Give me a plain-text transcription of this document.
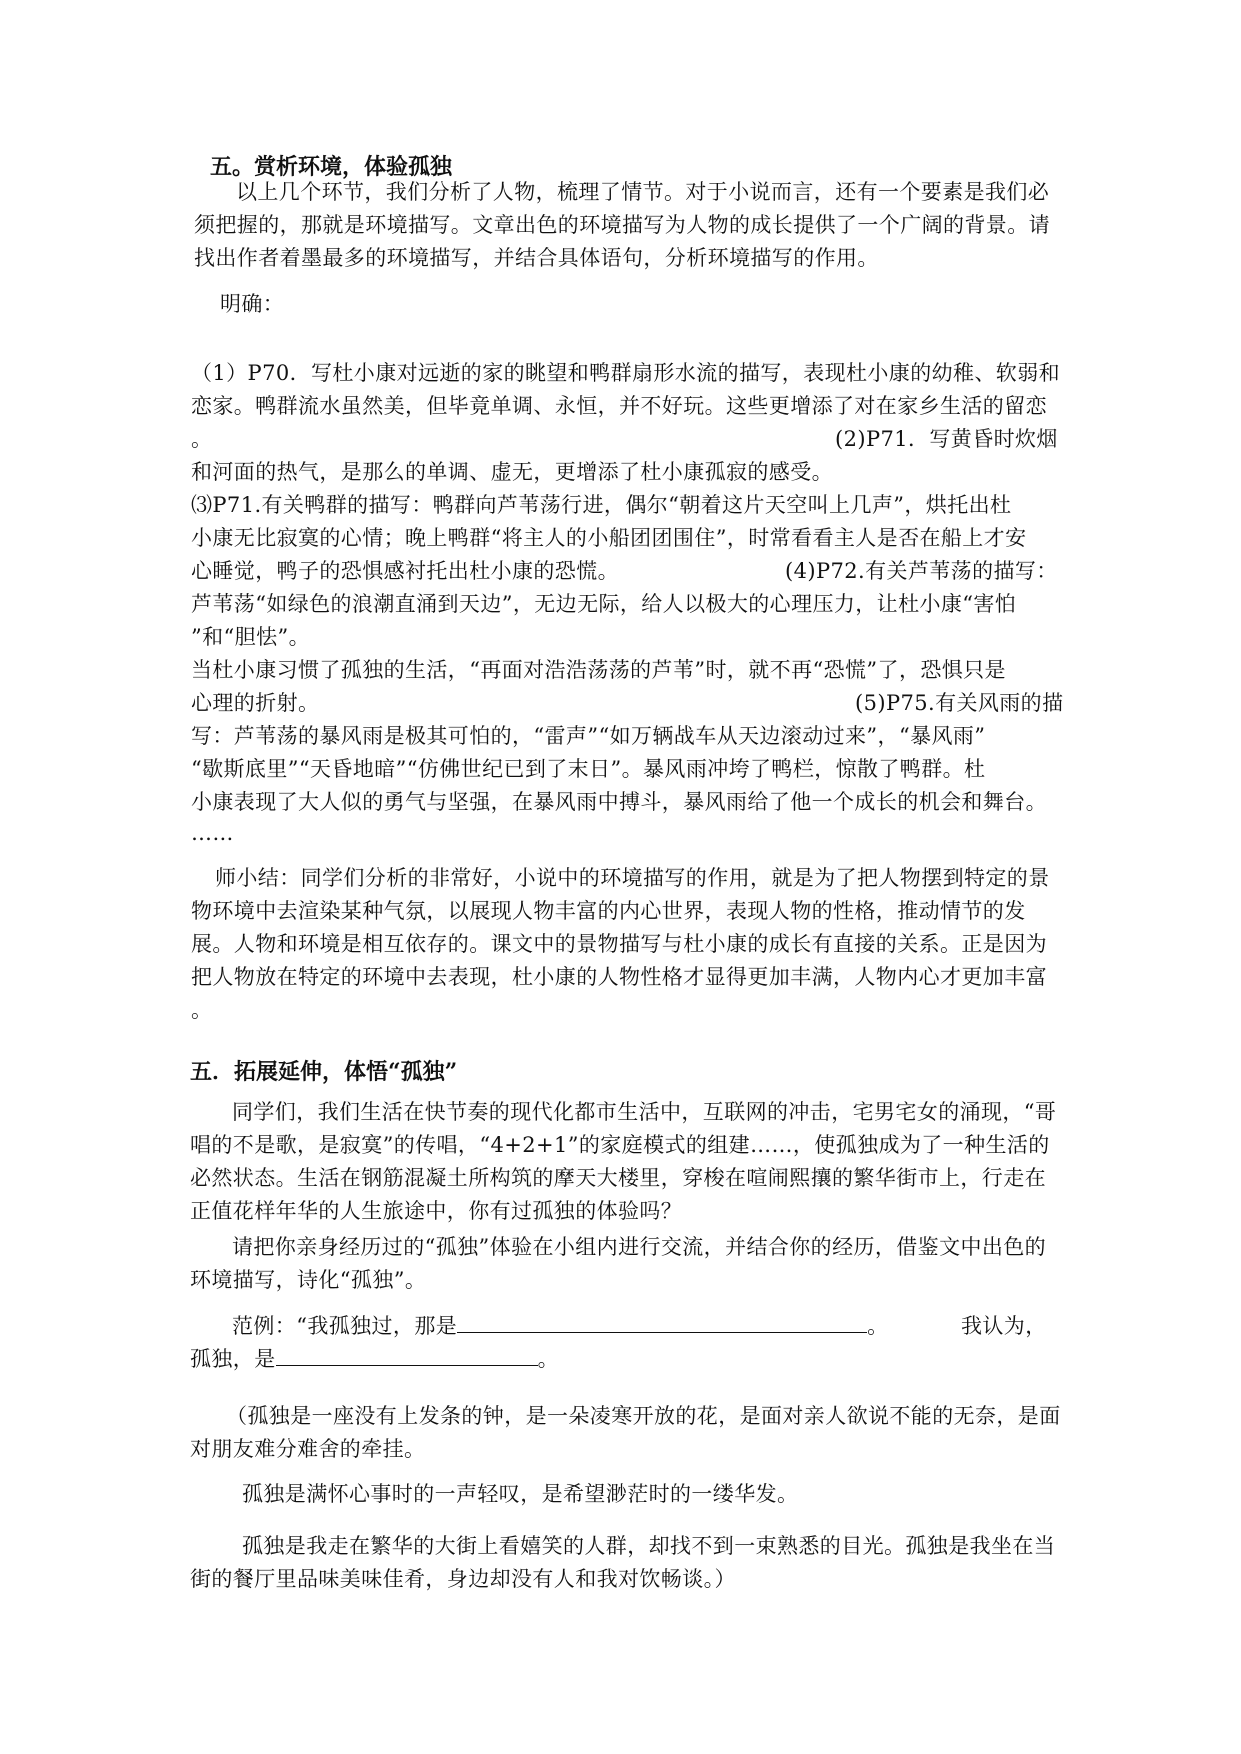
五。赏析环境，体验孤独

以上几个环节，我们分析了人物，梳理了情节。对于小说而言，还有一个要素是我们必须把握的，那就是环境描写。文章出色的环境描写为人物的成长提供了一个广阔的背景。请找出作者着墨最多的环境描写，并结合具体语句，分析环境描写的作用。

明确：
（1）P70．写杜小康对远逝的家的眺望和鸭群扇形水流的描写，表现杜小康的幼稚、软弱和
恋家。鸭群流水虽然美，但毕竟单调、永恒，并不好玩。这些更增添了对在家乡生活的留恋
。	(2)P71．写黄昏时炊烟
和河面的热气，是那么的单调、虚无，更增添了杜小康孤寂的感受。
⑶P71.有关鸭群的描写：鸭群向芦苇荡行进，偶尔“朝着这片天空叫上几声”，烘托出杜
小康无比寂寞的心情；晚上鸭群“将主人的小船团团围住”，时常看看主人是否在船上才安
心睡觉，鸭子的恐惧感衬托出杜小康的恐慌。	(4)P72.有关芦苇荡的描写：
芦苇荡“如绿色的浪潮直涌到天边”，无边无际，给人以极大的心理压力，让杜小康“害怕
”和“胆怯”。
当杜小康习惯了孤独的生活，“再面对浩浩荡荡的芦苇”时，就不再“恐慌”了，恐惧只是
心理的折射。	(5)P75.有关风雨的描
写：芦苇荡的暴风雨是极其可怕的，“雷声”“如万辆战车从天边滚动过来”，“暴风雨”
“歇斯底里”“天昏地暗”“仿佛世纪已到了末日”。暴风雨冲垮了鸭栏，惊散了鸭群。杜
小康表现了大人似的勇气与坚强，在暴风雨中搏斗，暴风雨给了他一个成长的机会和舞台。
……

师小结：同学们分析的非常好，小说中的环境描写的作用，就是为了把人物摆到特定的景物环境中去渲染某种气氛，以展现人物丰富的内心世界，表现人物的性格，推动情节的发展。人物和环境是相互依存的。课文中的景物描写与杜小康的成长有直接的关系。正是因为把人物放在特定的环境中去表现，杜小康的人物性格才显得更加丰满，人物内心才更加丰富
。

五．拓展延伸，体悟“孤独”

同学们，我们生活在快节奏的现代化都市生活中，互联网的冲击，宅男宅女的涌现，“哥唱的不是歌，是寂寞”的传唱，“4+2+1”的家庭模式的组建……，使孤独成为了一种生活的必然状态。生活在钢筋混凝土所构筑的摩天大楼里，穿梭在喧闹熙攘的繁华街市上，行走在正值花样年华的人生旅途中，你有过孤独的体验吗？

请把你亲身经历过的“孤独”体验在小组内进行交流，并结合你的经历，借鉴文中出色的环境描写，诗化“孤独”。

范例：“我孤独过，那是	。	我认为，
孤独，是	。

（孤独是一座没有上发条的钟，是一朵凌寒开放的花，是面对亲人欲说不能的无奈，是面对朋友难分难舍的牵挂。

孤独是满怀心事时的一声轻叹，是希望渺茫时的一缕华发。

孤独是我走在繁华的大街上看嬉笑的人群，却找不到一束熟悉的目光。孤独是我坐在当街的餐厅里品味美味佳肴，身边却没有人和我对饮畅谈。）
